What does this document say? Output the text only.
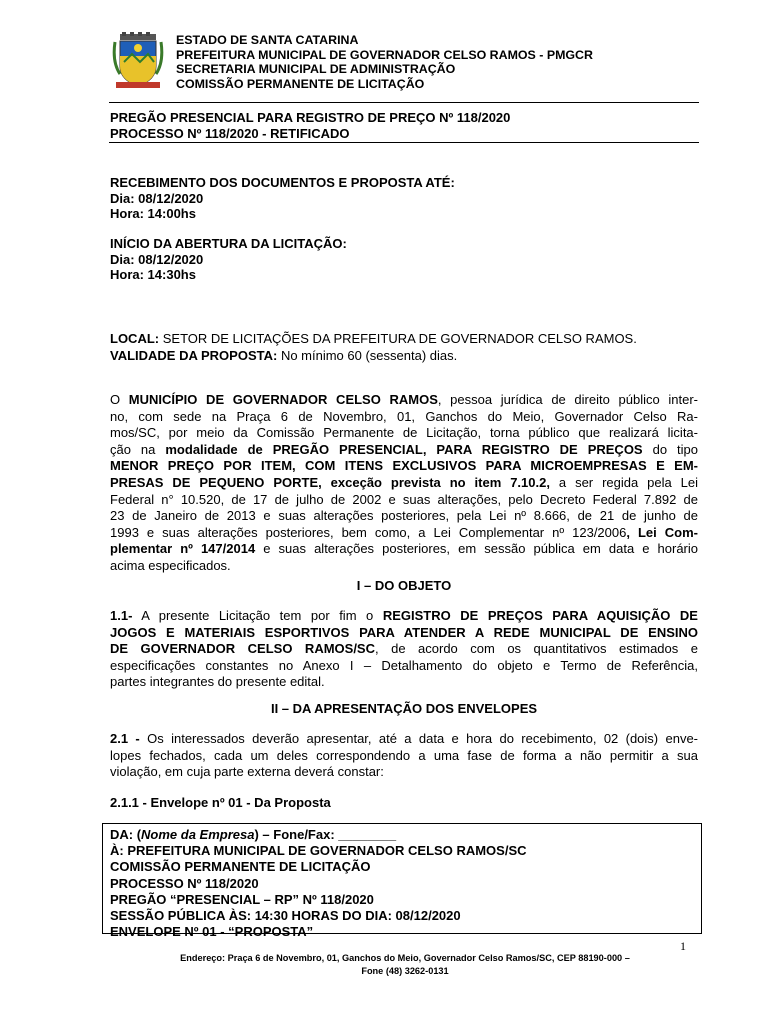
ESTADO DE SANTA CATARINA
PREFEITURA MUNICIPAL DE GOVERNADOR CELSO RAMOS - PMGCR
SECRETARIA MUNICIPAL DE ADMINISTRAÇÃO
COMISSÃO PERMANENTE DE LICITAÇÃO
PREGÃO PRESENCIAL PARA REGISTRO DE PREÇO Nº 118/2020
PROCESSO Nº 118/2020 - RETIFICADO
RECEBIMENTO DOS DOCUMENTOS E PROPOSTA ATÉ:
Dia: 08/12/2020
Hora: 14:00hs
INÍCIO DA ABERTURA DA LICITAÇÃO:
Dia: 08/12/2020
Hora: 14:30hs
LOCAL: SETOR DE LICITAÇÕES DA PREFEITURA DE GOVERNADOR CELSO RAMOS.
VALIDADE DA PROPOSTA: No mínimo 60 (sessenta) dias.
O MUNICÍPIO DE GOVERNADOR CELSO RAMOS, pessoa jurídica de direito público inter-
no, com sede na Praça 6 de Novembro, 01, Ganchos do Meio, Governador Celso Ra-
mos/SC, por meio da Comissão Permanente de Licitação, torna público que realizará licita-
ção na modalidade de PREGÃO PRESENCIAL, PARA REGISTRO DE PREÇOS do tipo
MENOR PREÇO POR ITEM, COM ITENS EXCLUSIVOS PARA MICROEMPRESAS E EM-
PRESAS DE PEQUENO PORTE, exceção prevista no item 7.10.2, a ser regida pela Lei
Federal n° 10.520, de 17 de julho de 2002 e suas alterações, pelo Decreto Federal 7.892 de
23 de Janeiro de 2013 e suas alterações posteriores, pela Lei nº 8.666, de 21 de junho de
1993 e suas alterações posteriores, bem como, a Lei Complementar nº 123/2006, Lei Com-
plementar nº 147/2014 e suas alterações posteriores, em sessão pública em data e horário
acima especificados.
I – DO OBJETO
1.1- A presente Licitação tem por fim o REGISTRO DE PREÇOS PARA AQUISIÇÃO DE
JOGOS E MATERIAIS ESPORTIVOS PARA ATENDER A REDE MUNICIPAL DE ENSINO
DE GOVERNADOR CELSO RAMOS/SC, de acordo com os quantitativos estimados e
especificações constantes no Anexo I – Detalhamento do objeto e Termo de Referência,
partes integrantes do presente edital.
II – DA APRESENTAÇÃO DOS ENVELOPES
2.1 - Os interessados deverão apresentar, até a data e hora do recebimento, 02 (dois) enve-
lopes fechados, cada um deles correspondendo a uma fase de forma a não permitir a sua
violação, em cuja parte externa deverá constar:
2.1.1 - Envelope nº 01 - Da Proposta
DA: (Nome da Empresa) – Fone/Fax: ________
À: PREFEITURA MUNICIPAL DE GOVERNADOR CELSO RAMOS/SC
COMISSÃO PERMANENTE DE LICITAÇÃO
PROCESSO Nº 118/2020
PREGÃO “PRESENCIAL – RP” Nº 118/2020
SESSÃO PÚBLICA ÀS: 14:30 HORAS DO DIA: 08/12/2020
ENVELOPE Nº 01 - “PROPOSTA”
1
Endereço: Praça 6 de Novembro, 01, Ganchos do Meio, Governador Celso Ramos/SC, CEP 88190-000 –
Fone (48) 3262-0131
